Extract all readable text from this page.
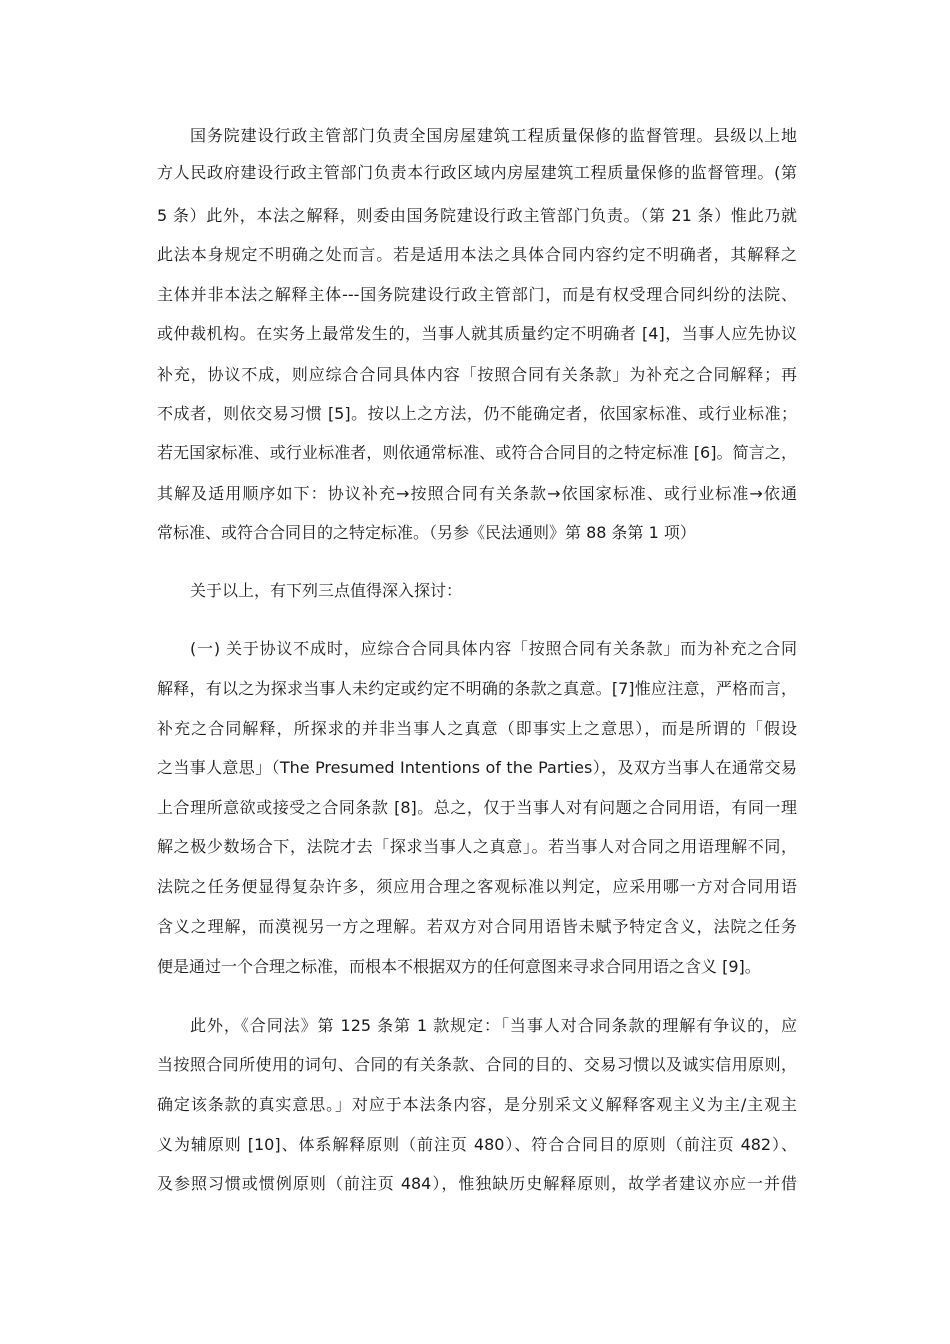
国务院建设行政主管部门负责全国房屋建筑工程质量保修的监督管理。县级以上地
方人民政府建设行政主管部门负责本行政区域内房屋建筑工程质量保修的监督管理。(第
5 条）此外，本法之解释，则委由国务院建设行政主管部门负责。（第 21 条）惟此乃就
此法本身规定不明确之处而言。若是适用本法之具体合同内容约定不明确者，其解释之
主体并非本法之解释主体---国务院建设行政主管部门，而是有权受理合同纠纷的法院、
或仲裁机构。在实务上最常发生的，当事人就其质量约定不明确者 [4]，当事人应先协议
补充，协议不成，则应综合合同具体内容「按照合同有关条款」为补充之合同解释；再
不成者，则依交易习惯 [5]。按以上之方法，仍不能确定者，依国家标准、或行业标准；
若无国家标准、或行业标准者，则依通常标准、或符合合同目的之特定标准 [6]。简言之，
其解及适用顺序如下：协议补充→按照合同有关条款→依国家标准、或行业标准→依通
常标准、或符合合同目的之特定标准。（另参《民法通则》第 88 条第 1 项）
关于以上，有下列三点值得深入探讨：
(一) 关于协议不成时，应综合合同具体内容「按照合同有关条款」而为补充之合同
解释，有以之为探求当事人未约定或约定不明确的条款之真意。[7]惟应注意，严格而言，
补充之合同解释，所探求的并非当事人之真意（即事实上之意思），而是所谓的「假设
之当事人意思」（The Presumed Intentions of the Parties），及双方当事人在通常交易
上合理所意欲或接受之合同条款 [8]。总之，仅于当事人对有问题之合同用语，有同一理
解之极少数场合下，法院才去「探求当事人之真意」。若当事人对合同之用语理解不同，
法院之任务便显得复杂许多，须应用合理之客观标准以判定，应采用哪一方对合同用语
含义之理解，而漠视另一方之理解。若双方对合同用语皆未赋予特定含义，法院之任务
便是通过一个合理之标准，而根本不根据双方的任何意图来寻求合同用语之含义 [9]。
此外，《合同法》第 125 条第 1 款规定：「当事人对合同条款的理解有争议的，应
当按照合同所使用的词句、合同的有关条款、合同的目的、交易习惯以及诚实信用原则，
确定该条款的真实意思。」对应于本法条内容，是分别采文义解释客观主义为主/主观主
义为辅原则 [10]、体系解释原则（前注页 480）、符合合同目的原则（前注页 482）、
及参照习惯或惯例原则（前注页 484），惟独缺历史解释原则，故学者建议亦应一并借
